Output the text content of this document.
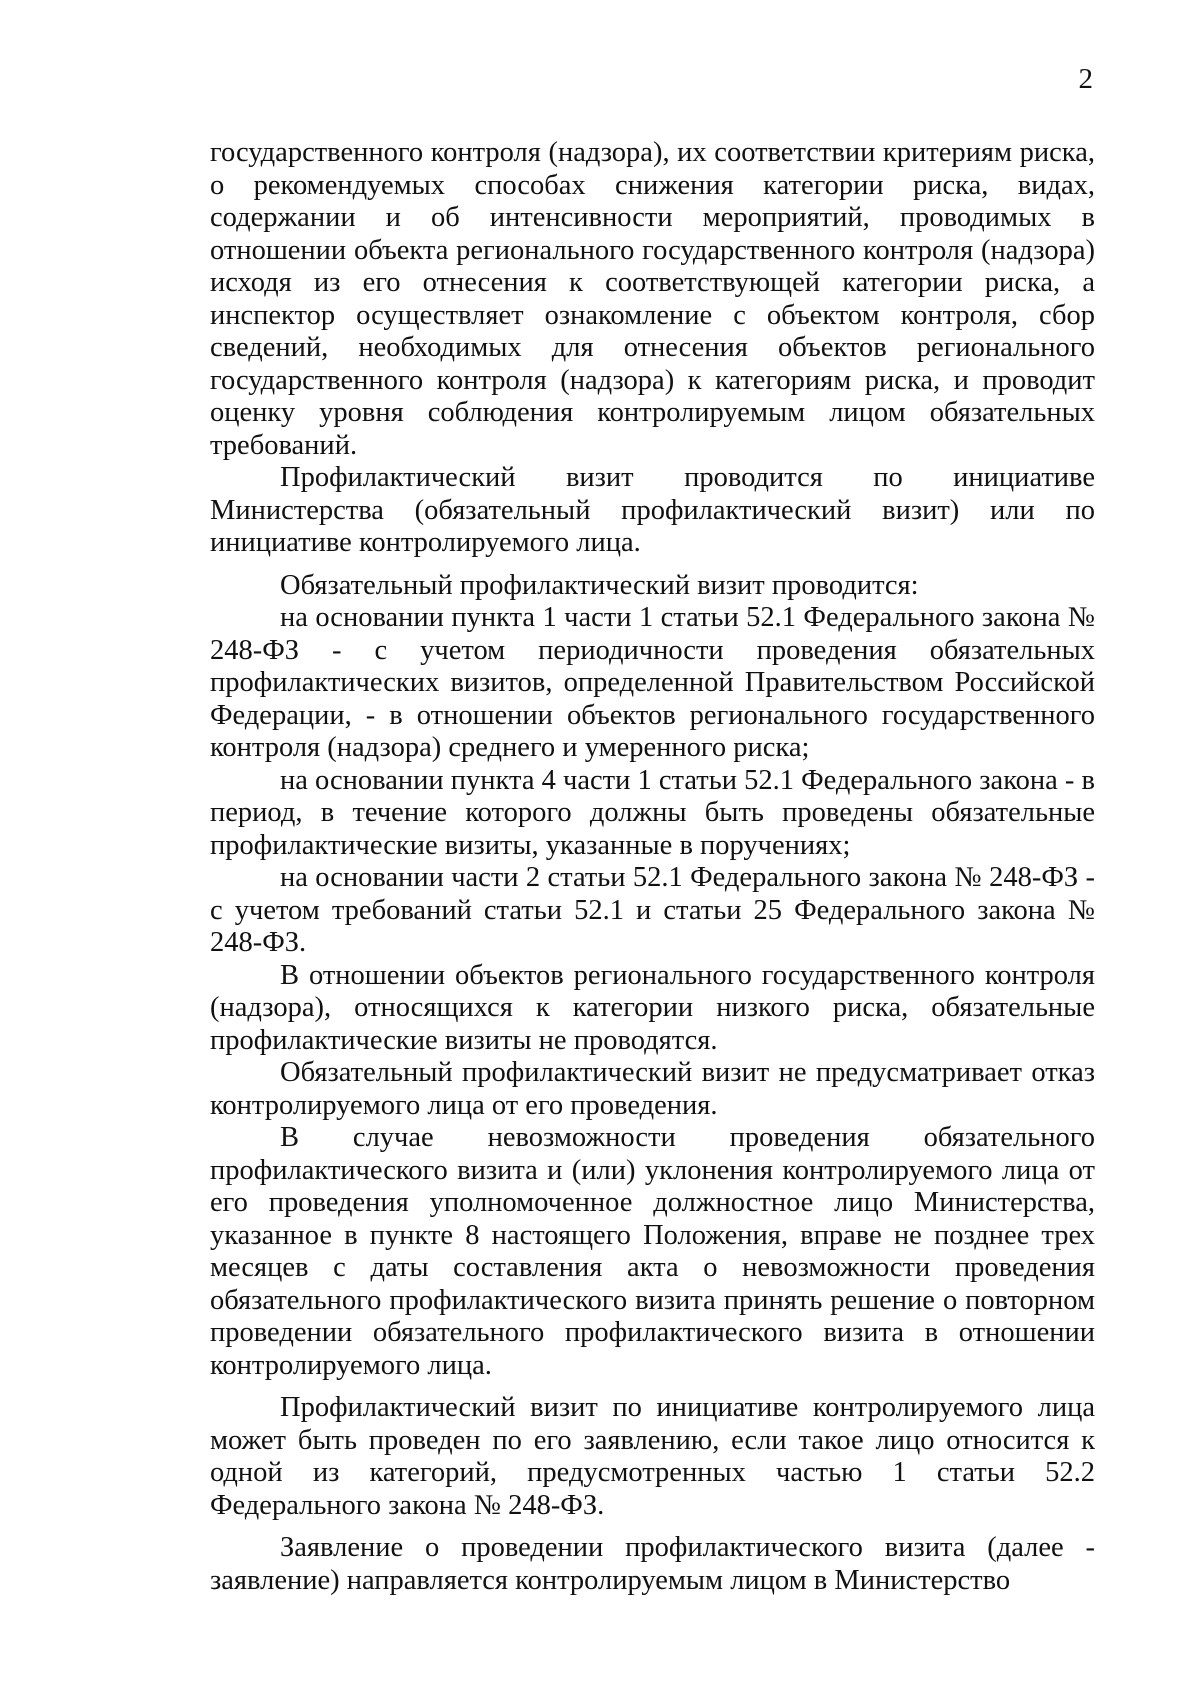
2

государственного контроля (надзора), их соответствии критериям риска, о рекомендуемых способах снижения категории риска, видах, содержании и об интенсивности мероприятий, проводимых в отношении объекта регионального государственного контроля (надзора) исходя из его отнесения к соответствующей категории риска, а инспектор осуществляет ознакомление с объектом контроля, сбор сведений, необходимых для отнесения объектов регионального государственного контроля (надзора) к категориям риска, и проводит оценку уровня соблюдения контролируемым лицом обязательных требований.

Профилактический визит проводится по инициативе Министерства (обязательный профилактический визит) или по инициативе контролируемого лица.

Обязательный профилактический визит проводится:

на основании пункта 1 части 1 статьи 52.1 Федерального закона № 248-ФЗ - с учетом периодичности проведения обязательных профилактических визитов, определенной Правительством Российской Федерации, - в отношении объектов регионального государственного контроля (надзора) среднего и умеренного риска;

на основании пункта 4 части 1 статьи 52.1 Федерального закона - в период, в течение которого должны быть проведены обязательные профилактические визиты, указанные в поручениях;

на основании части 2 статьи 52.1 Федерального закона № 248-ФЗ - с учетом требований статьи 52.1 и статьи 25 Федерального закона № 248-ФЗ.

В отношении объектов регионального государственного контроля (надзора), относящихся к категории низкого риска, обязательные профилактические визиты не проводятся.

Обязательный профилактический визит не предусматривает отказ контролируемого лица от его проведения.

В случае невозможности проведения обязательного профилактического визита и (или) уклонения контролируемого лица от его проведения уполномоченное должностное лицо Министерства, указанное в пункте 8 настоящего Положения, вправе не позднее трех месяцев с даты составления акта о невозможности проведения обязательного профилактического визита принять решение о повторном проведении обязательного профилактического визита в отношении контролируемого лица.

Профилактический визит по инициативе контролируемого лица может быть проведен по его заявлению, если такое лицо относится к одной из категорий, предусмотренных частью 1 статьи 52.2 Федерального закона № 248-ФЗ.

Заявление о проведении профилактического визита (далее - заявление) направляется контролируемым лицом в Министерство
